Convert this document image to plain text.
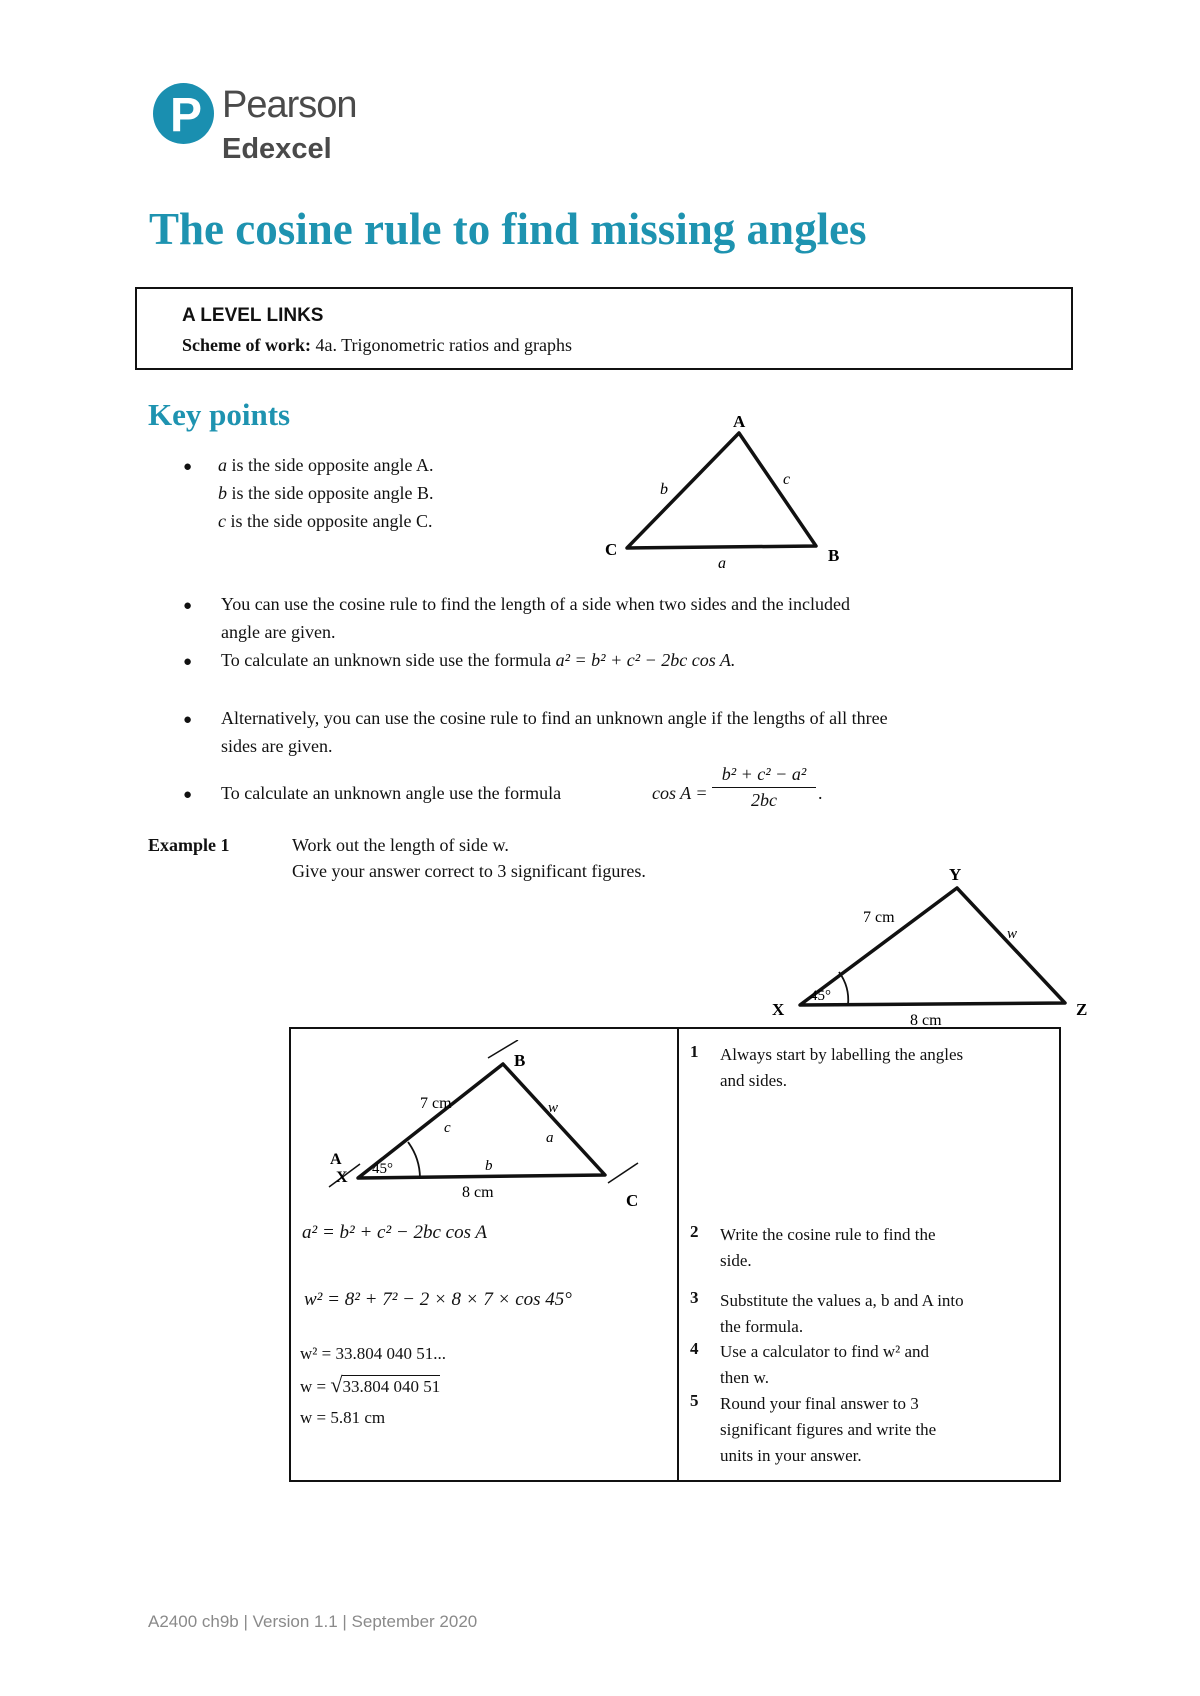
P Pearson
Edexcel
The cosine rule to find missing angles
A LEVEL LINKS
Scheme of work: 4a. Trigonometric ratios and graphs
Key points
● a is the side opposite angle A.
b is the side opposite angle B.
c is the side opposite angle C.
A
B
C
b
c
a
● You can use the cosine rule to find the length of a side when two sides and the included
angle are given.
● To calculate an unknown side use the formula a² = b² + c² − 2bc cos A.
● Alternatively, you can use the cosine rule to find an unknown angle if the lengths of all three
sides are given.
● To calculate an unknown angle use the formula	$\cos A = \frac{\text{b² + c² − a²}}{2bc}$ .
Example 1	Work out the length of side w.
Give your answer correct to 3 significant figures.	Y
Z
X
7 cm
w
8 cm
45°
B
A
X
C
7 cm
c
w
a
b
8 cm
45°
a² = b² + c² − 2bc cos A
w² = 8² + 7² − 2 × 8 × 7 × cos 45°
w² = 33.804 040 51...
w = √33.804 040 51
w = 5.81 cm
1 Always start by labelling the angles
and sides.
2 Write the cosine rule to find the
side.
3 Substitute the values a, b and A into
the formula.
4 Use a calculator to find w² and
then w.
5 Round your final answer to 3
significant figures and write the
units in your answer.
A2400 ch9b | Version 1.1 | September 2020
